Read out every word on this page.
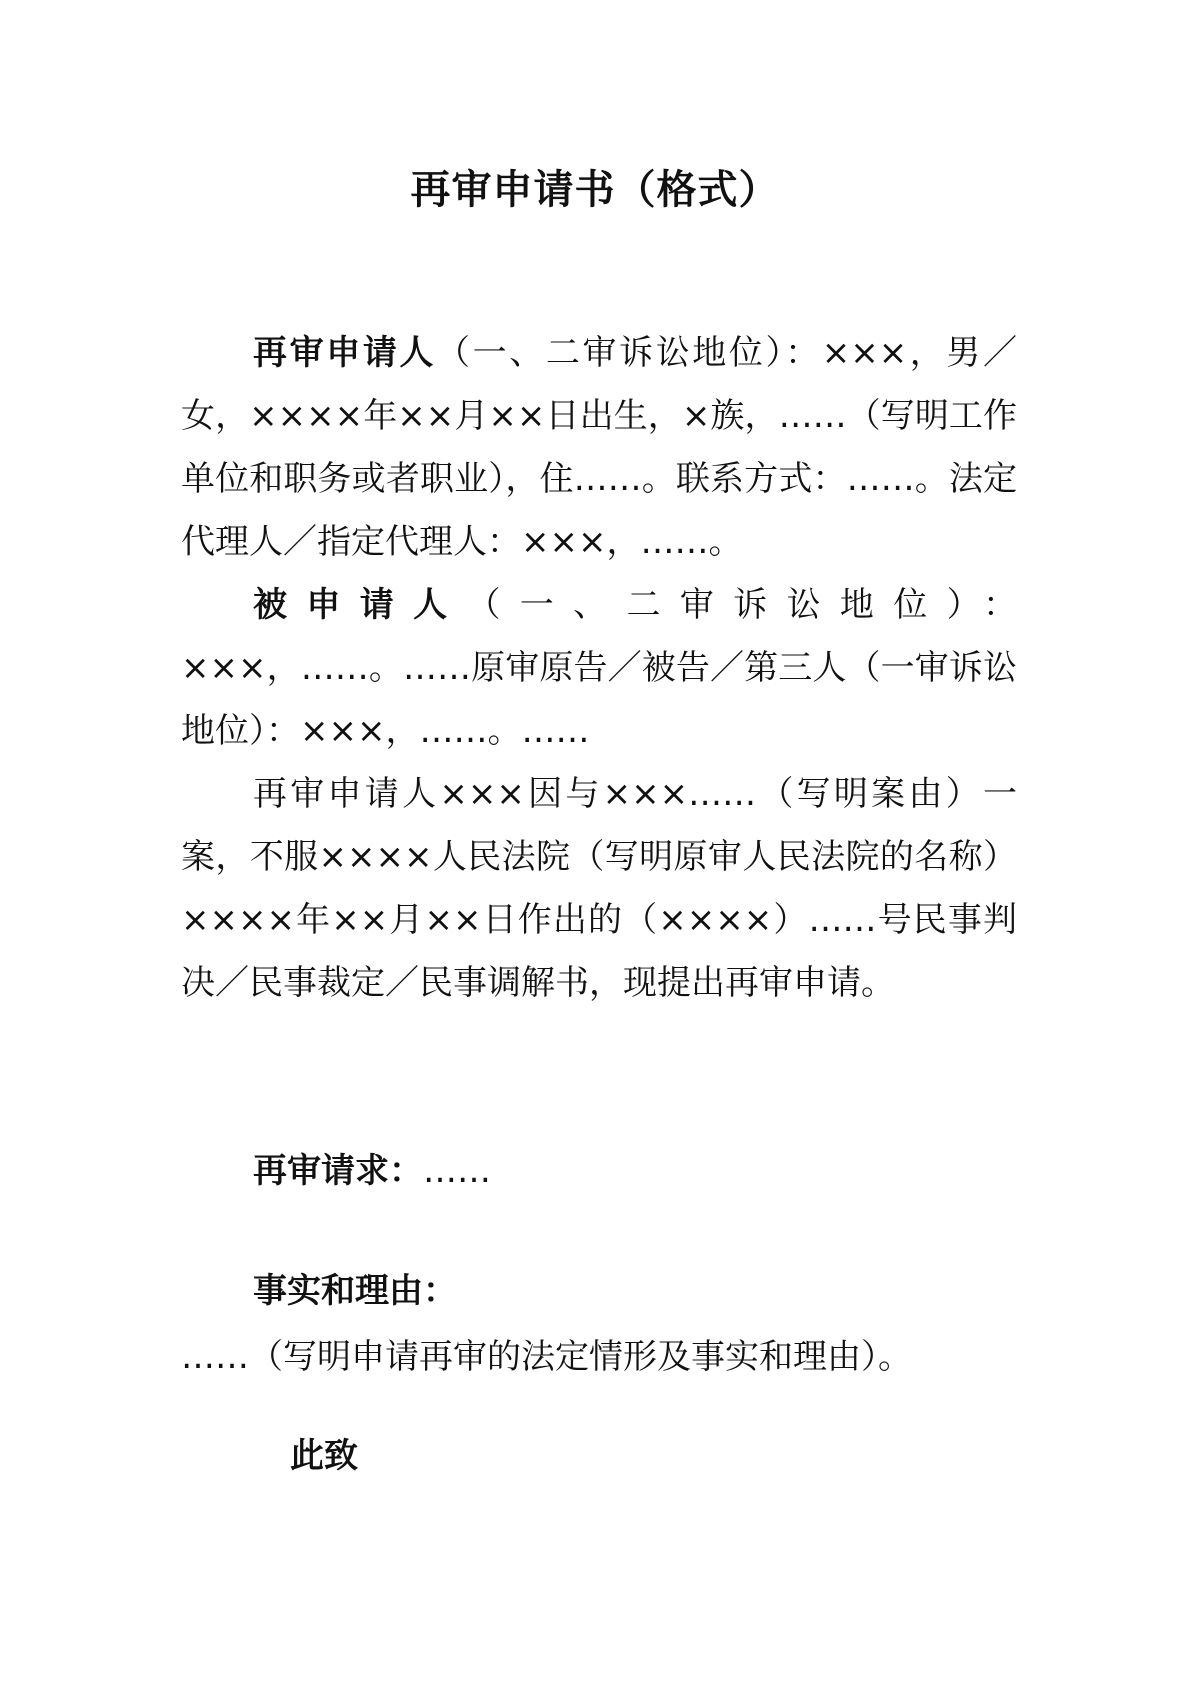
再审申请书（格式）
再审申请人（一、二审诉讼地位）：×××，男／女，××××年××月××日出生，×族，……（写明工作单位和职务或者职业），住……。联系方式：……。法定代理人／指定代理人：×××，……。
被申请人（一、二审诉讼地位）：×××，……。……原审原告／被告／第三人（一审诉讼地位）：×××，……。……
再审申请人×××因与×××……（写明案由）一案，不服××××人民法院（写明原审人民法院的名称）××××年××月××日作出的（××××）……号民事判决／民事裁定／民事调解书，现提出再审申请。
再审请求：……
事实和理由：
……（写明申请再审的法定情形及事实和理由）。
此致
